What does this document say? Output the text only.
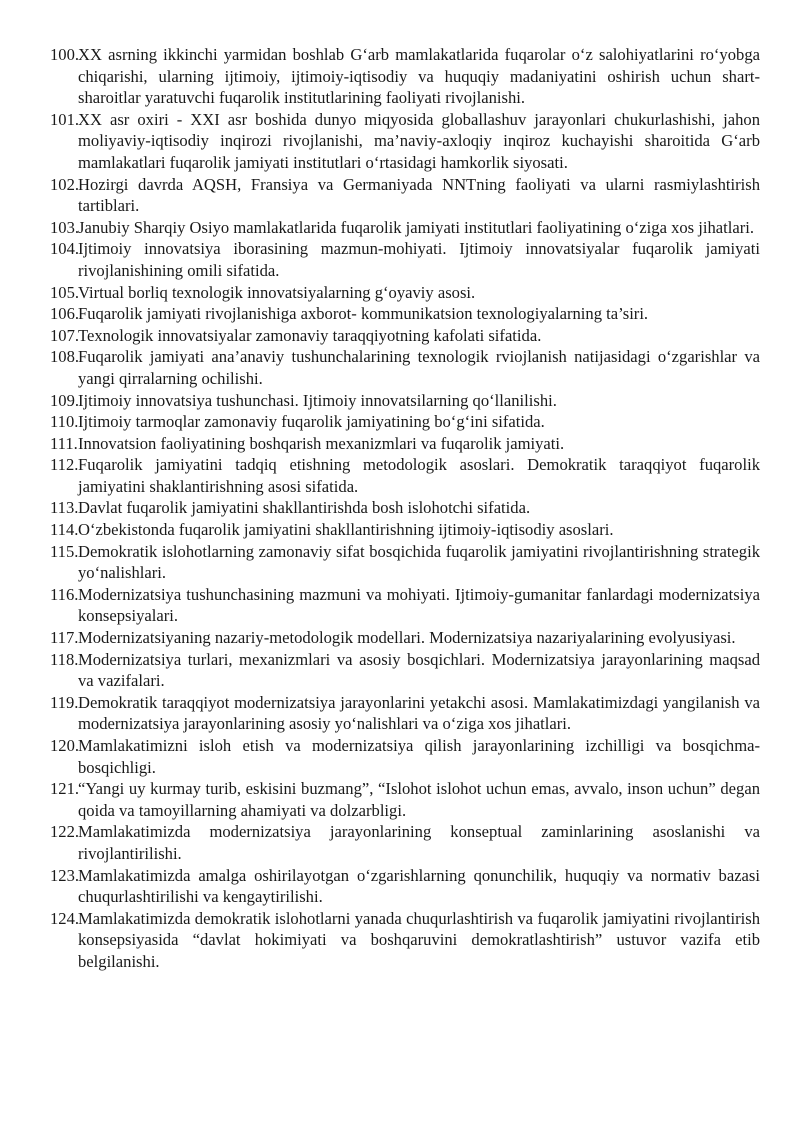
100.
XX asrning ikkinchi yarmidan boshlab G‘arb mamlakatlarida fuqarolar o‘z salohiyatlarini ro‘yobga chiqarishi, ularning ijtimoiy, ijtimoiy-iqtisodiy va huquqiy madaniyatini oshirish uchun shart-sharoitlar yaratuvchi fuqarolik institutlarining faoliyati rivojlanishi.
101.
XX asr oxiri - XXI asr boshida dunyo miqyosida globallashuv jarayonlari chukurlashishi, jahon moliyaviy-iqtisodiy inqirozi rivojlanishi, ma’naviy-axloqiy inqiroz kuchayishi sharoitida G‘arb mamlakatlari fuqarolik jamiyati institutlari o‘rtasidagi hamkorlik siyosati.
102.
Hozirgi davrda AQSH, Fransiya va Germaniyada NNTning faoliyati va ularni rasmiylashtirish tartiblari.
103.
Janubiy Sharqiy Osiyo mamlakatlarida fuqarolik jamiyati institutlari faoliyatining o‘ziga xos jihatlari.
104.
Ijtimoiy innovatsiya iborasining mazmun-mohiyati. Ijtimoiy innovatsiyalar fuqarolik jamiyati rivojlanishining omili sifatida.
105.
Virtual borliq texnologik innovatsiyalarning g‘oyaviy asosi.
106.
Fuqarolik jamiyati rivojlanishiga axborot- kommunikatsion texnologiyalarning ta’siri.
107.
Texnologik innovatsiyalar zamonaviy taraqqiyotning kafolati sifatida.
108.
Fuqarolik jamiyati ana’anaviy tushunchalarining texnologik rviojlanish natijasidagi o‘zgarishlar va yangi qirralarning ochilishi.
109.
Ijtimoiy innovatsiya tushunchasi. Ijtimoiy innovatsilarning qo‘llanilishi.
110. Ijtimoiy tarmoqlar zamonaviy fuqarolik jamiyatining bo‘g‘ini sifatida.
111. Innovatsion faoliyatining boshqarish mexanizmlari va fuqarolik jamiyati.
112. Fuqarolik jamiyatini tadqiq etishning metodologik asoslari. Demokratik taraqqiyot fuqarolik jamiyatini shaklantirishning asosi sifatida.
113. Davlat fuqarolik jamiyatini shakllantirishda bosh islohotchi sifatida.
114. O‘zbekistonda fuqarolik jamiyatini shakllantirishning ijtimoiy-iqtisodiy asoslari.
115. Demokratik islohotlarning zamonaviy sifat bosqichida fuqarolik jamiyatini rivojlantirishning strategik yo‘nalishlari.
116. Modernizatsiya tushunchasining mazmuni va mohiyati. Ijtimoiy-gumanitar fanlardagi modernizatsiya konsepsiyalari.
117. Modernizatsiyaning nazariy-metodologik modellari. Modernizatsiya nazariyalarining evolyusiyasi.
118. Modernizatsiya turlari, mexanizmlari va asosiy bosqichlari. Modernizatsiya jarayonlarining maqsad va vazifalari.
119. Demokratik taraqqiyot modernizatsiya jarayonlarini yetakchi asosi. Mamlakatimizdagi yangilanish va modernizatsiya jarayonlarining asosiy yo‘nalishlari va o‘ziga xos jihatlari.
120.
Mamlakatimizni isloh etish va modernizatsiya qilish jarayonlarining izchilligi va bosqichma-bosqichligi.
121.
“Yangi uy kurmay turib, eskisini buzmang”, “Islohot islohot uchun emas, avvalo, inson uchun” degan qoida va tamoyillarning ahamiyati va dolzarbligi.
122.
Mamlakatimizda modernizatsiya jarayonlarining konseptual zaminlarining asoslanishi va rivojlantirilishi.
123.
Mamlakatimizda amalga oshirilayotgan o‘zgarishlarning qonunchilik, huquqiy va normativ bazasi chuqurlashtirilishi va kengaytirilishi.
124.
Mamlakatimizda demokratik islohotlarni yanada chuqurlashtirish va fuqarolik jamiyatini rivojlantirish konsepsiyasida “davlat hokimiyati va boshqaruvini demokratlashtirish” ustuvor vazifa etib belgilanishi.
